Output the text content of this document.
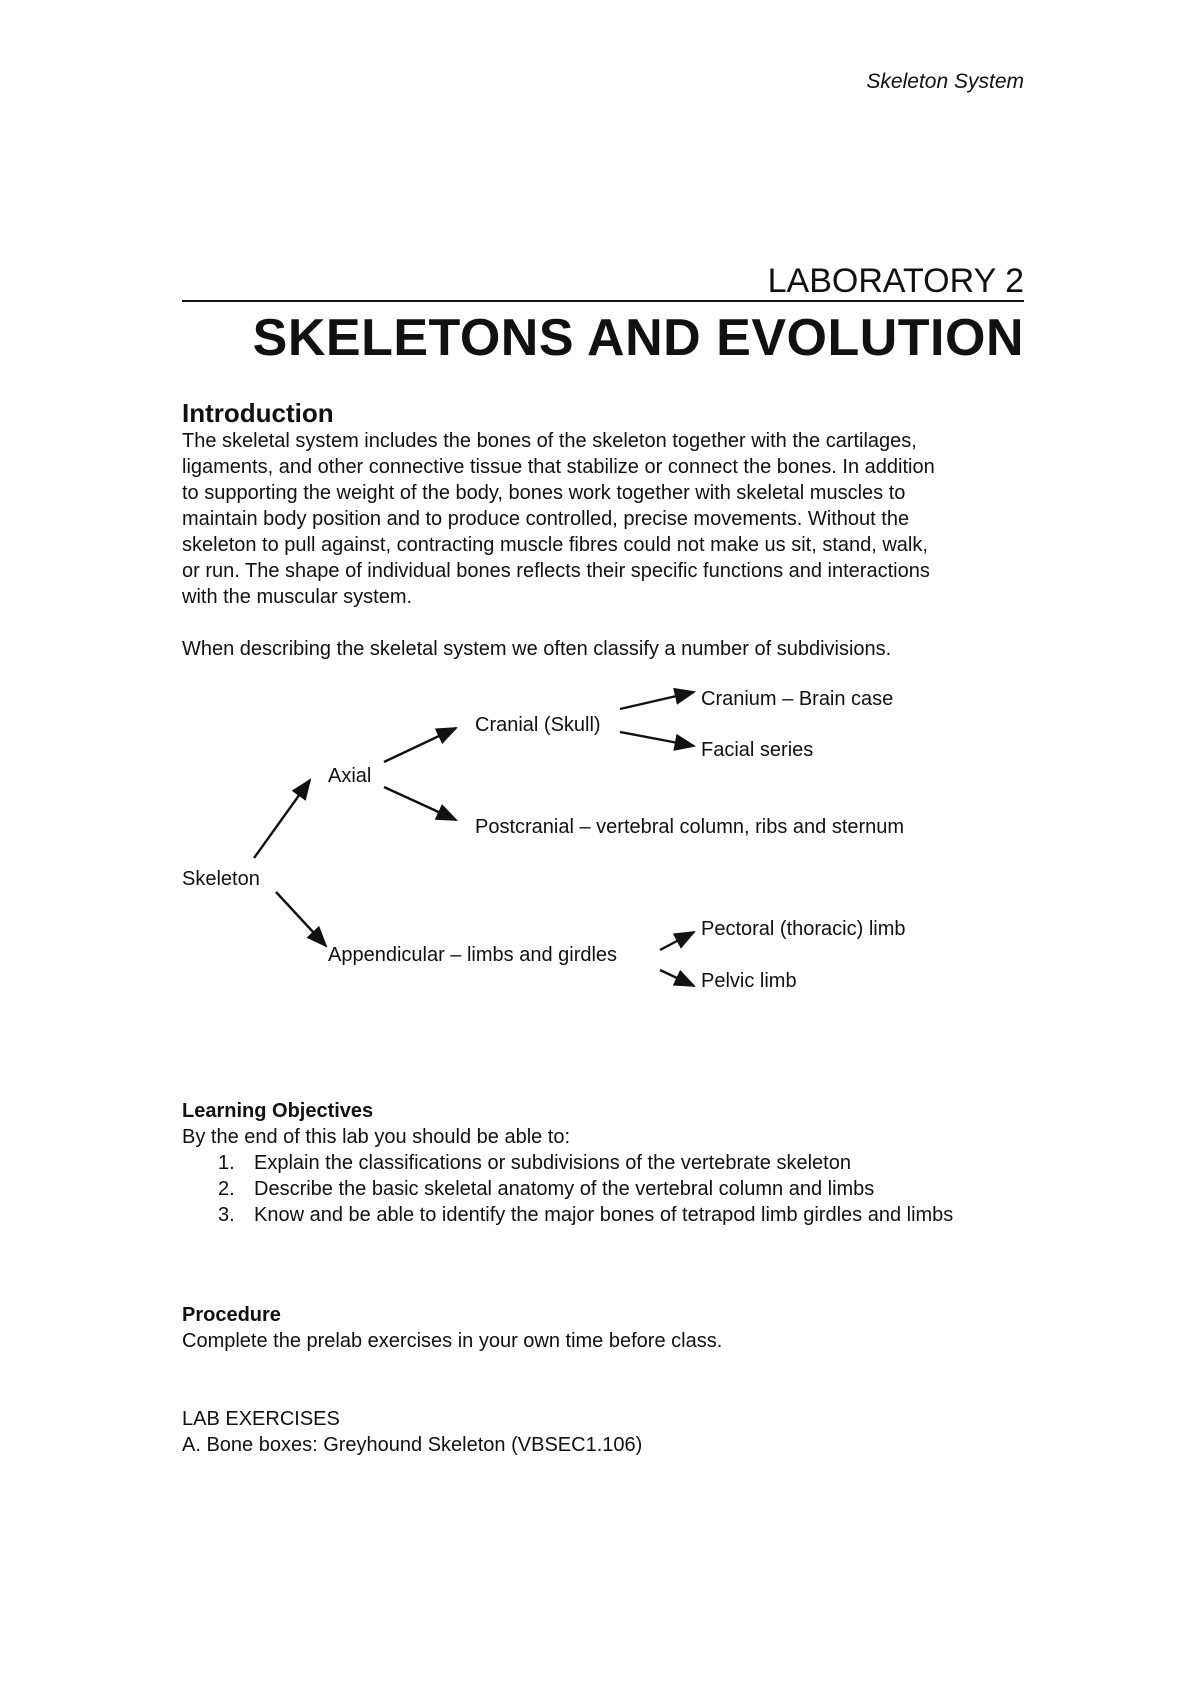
Skeleton System
LABORATORY 2
SKELETONS AND EVOLUTION
Introduction
The skeletal system includes the bones of the skeleton together with the cartilages,
ligaments, and other connective tissue that stabilize or connect the bones. In addition
to supporting the weight of the body, bones work together with skeletal muscles to
maintain body position and to produce controlled, precise movements. Without the
skeleton to pull against, contracting muscle fibres could not make us sit, stand, walk,
or run. The shape of individual bones reflects their specific functions and interactions
with the muscular system.
When describing the skeletal system we often classify a number of subdivisions.
Skeleton
Axial
Cranial (Skull)
Cranium – Brain case
Facial series
Postcranial – vertebral column, ribs and sternum
Appendicular – limbs and girdles
Pectoral (thoracic) limb
Pelvic limb
Learning Objectives
By the end of this lab you should be able to:
1. Explain the classifications or subdivisions of the vertebrate skeleton
2. Describe the basic skeletal anatomy of the vertebral column and limbs
3. Know and be able to identify the major bones of tetrapod limb girdles and limbs
Procedure
Complete the prelab exercises in your own time before class.
LAB EXERCISES
A. Bone boxes: Greyhound Skeleton (VBSEC1.106)
